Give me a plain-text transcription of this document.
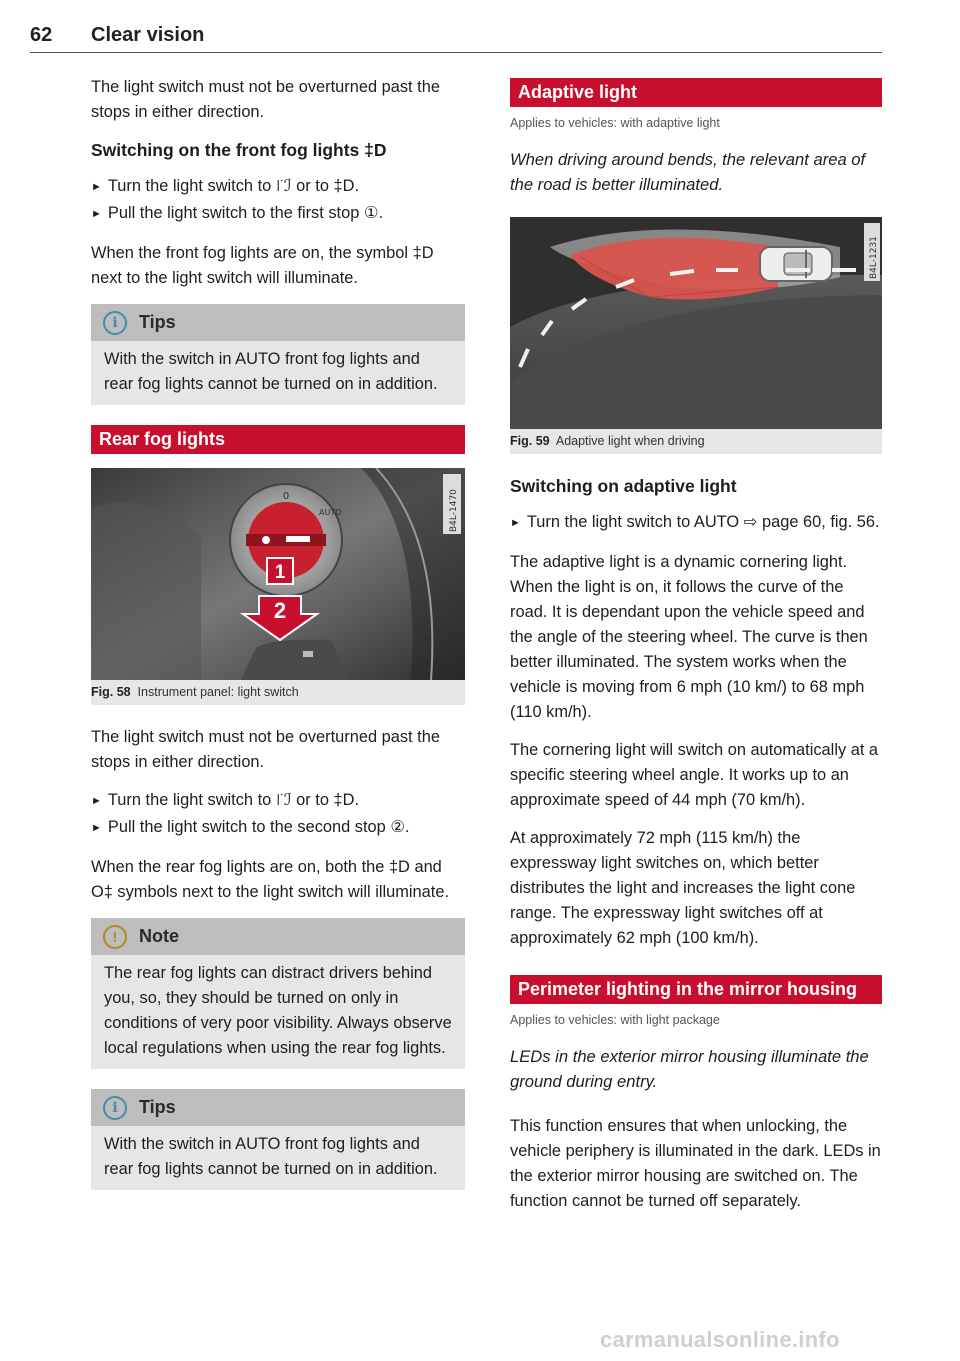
62 Clear vision

The light switch must not be overturned past the stops in either direction.

Switching on the front fog lights ‡D
► Turn the light switch to ꜍ℐ or to ‡D.
► Pull the light switch to the first stop ①.

When the front fog lights are on, the symbol ‡D next to the light switch will illuminate.

i Tips
With the switch in AUTO front fog lights and rear fog lights cannot be turned on in addition.
Rear fog lights
0
AUTO
1
2
B4L-1470
Fig. 58 Instrument panel: light switch

The light switch must not be overturned past the stops in either direction.

► Turn the light switch to ꜍ℐ or to ‡D.
► Pull the light switch to the second stop ②.

When the rear fog lights are on, both the ‡D and O‡ symbols next to the light switch will illuminate.

! Note
The rear fog lights can distract drivers behind you, so, they should be turned on only in conditions of very poor visibility. Always observe local regulations when using the rear fog lights.
i Tips
With the switch in AUTO front fog lights and rear fog lights cannot be turned on in addition.
Adaptive light
Applies to vehicles: with adaptive light
When driving around bends, the relevant area of the road is better illuminated.
B4L-1231
Fig. 59 Adaptive light when driving
Switching on adaptive light
► Turn the light switch to AUTO ⇨ page 60, fig. 56.

The adaptive light is a dynamic cornering light. When the light is on, it follows the curve of the road. It is dependant upon the vehicle speed and the angle of the steering wheel. The curve is then better illuminated. The system works when the vehicle is moving from 6 mph (10 km/) to 68 mph (110 km/h).

The cornering light will switch on automatically at a specific steering wheel angle. It works up to an approximate speed of 44 mph (70 km/h).

At approximately 72 mph (115 km/h) the expressway light switches on, which better distributes the light and increases the light cone range. The expressway light switches off at approximately 62 mph (100 km/h).

Perimeter lighting in the mirror housing
Applies to vehicles: with light package
LEDs in the exterior mirror housing illuminate the ground during entry.

This function ensures that when unlocking, the vehicle periphery is illuminated in the dark. LEDs in the exterior mirror housing are switched on. The function cannot be turned off separately.

carmanualsonline.info
